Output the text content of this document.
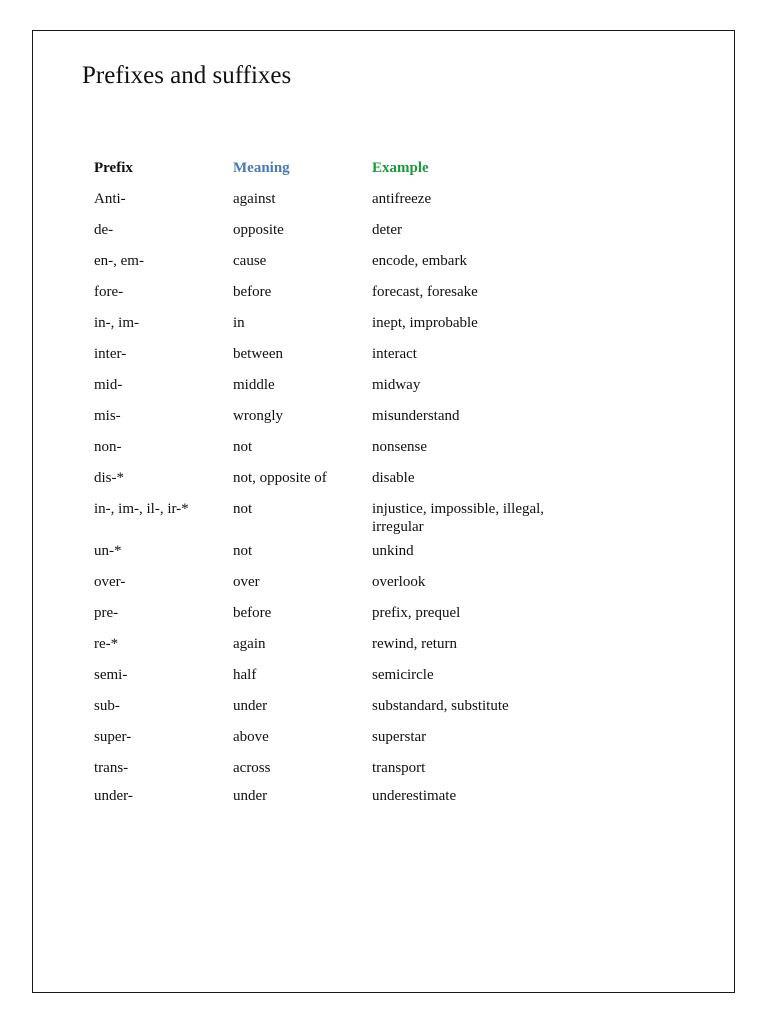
Prefixes and suffixes
Prefix	Meaning	Example
Anti-	against	antifreeze
de-	opposite	deter
en-, em-	cause	encode, embark
fore-	before	forecast, foresake
in-, im-	in	inept, improbable
inter-	between	interact
mid-	middle	midway
mis-	wrongly	misunderstand
non-	not	nonsense
dis-*	not, opposite of	disable
in-, im-, il-, ir-*	not	injustice, impossible, illegal, irregular
un-*	not	unkind
over-	over	overlook
pre-	before	prefix, prequel
re-*	again	rewind, return
semi-	half	semicircle
sub-	under	substandard, substitute
super-	above	superstar
trans-	across	transport
under-	under	underestimate
